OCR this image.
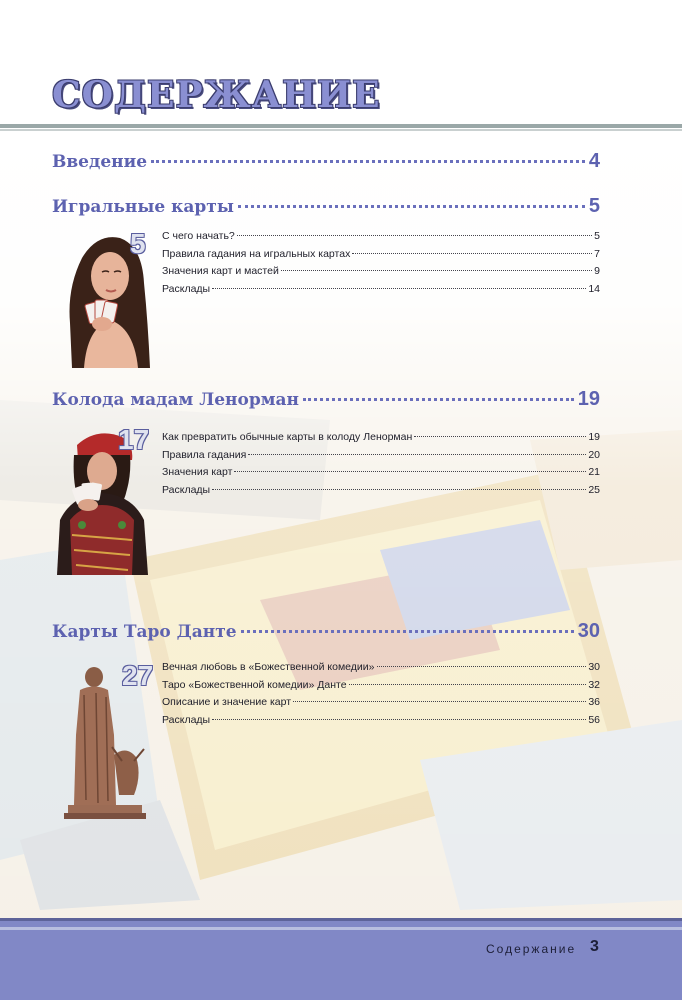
СОДЕРЖАНИЕ
Введение	4
Игральные карты	5
5 С чего начать?	5
Правила гадания на игральных картах	7
Значения карт и мастей	9
Расклады	14
Колода мадам Ленорман	19
17 Как превратить обычные карты в колоду Ленорман	19
Правила гадания	20
Значения карт	21
Расклады	25
Карты Таро Данте	30
27 Вечная любовь в «Божественной комедии»	30
Таро «Божественной комедии» Данте	32
Описание и значение карт	36
Расклады	56
Содержание 3
